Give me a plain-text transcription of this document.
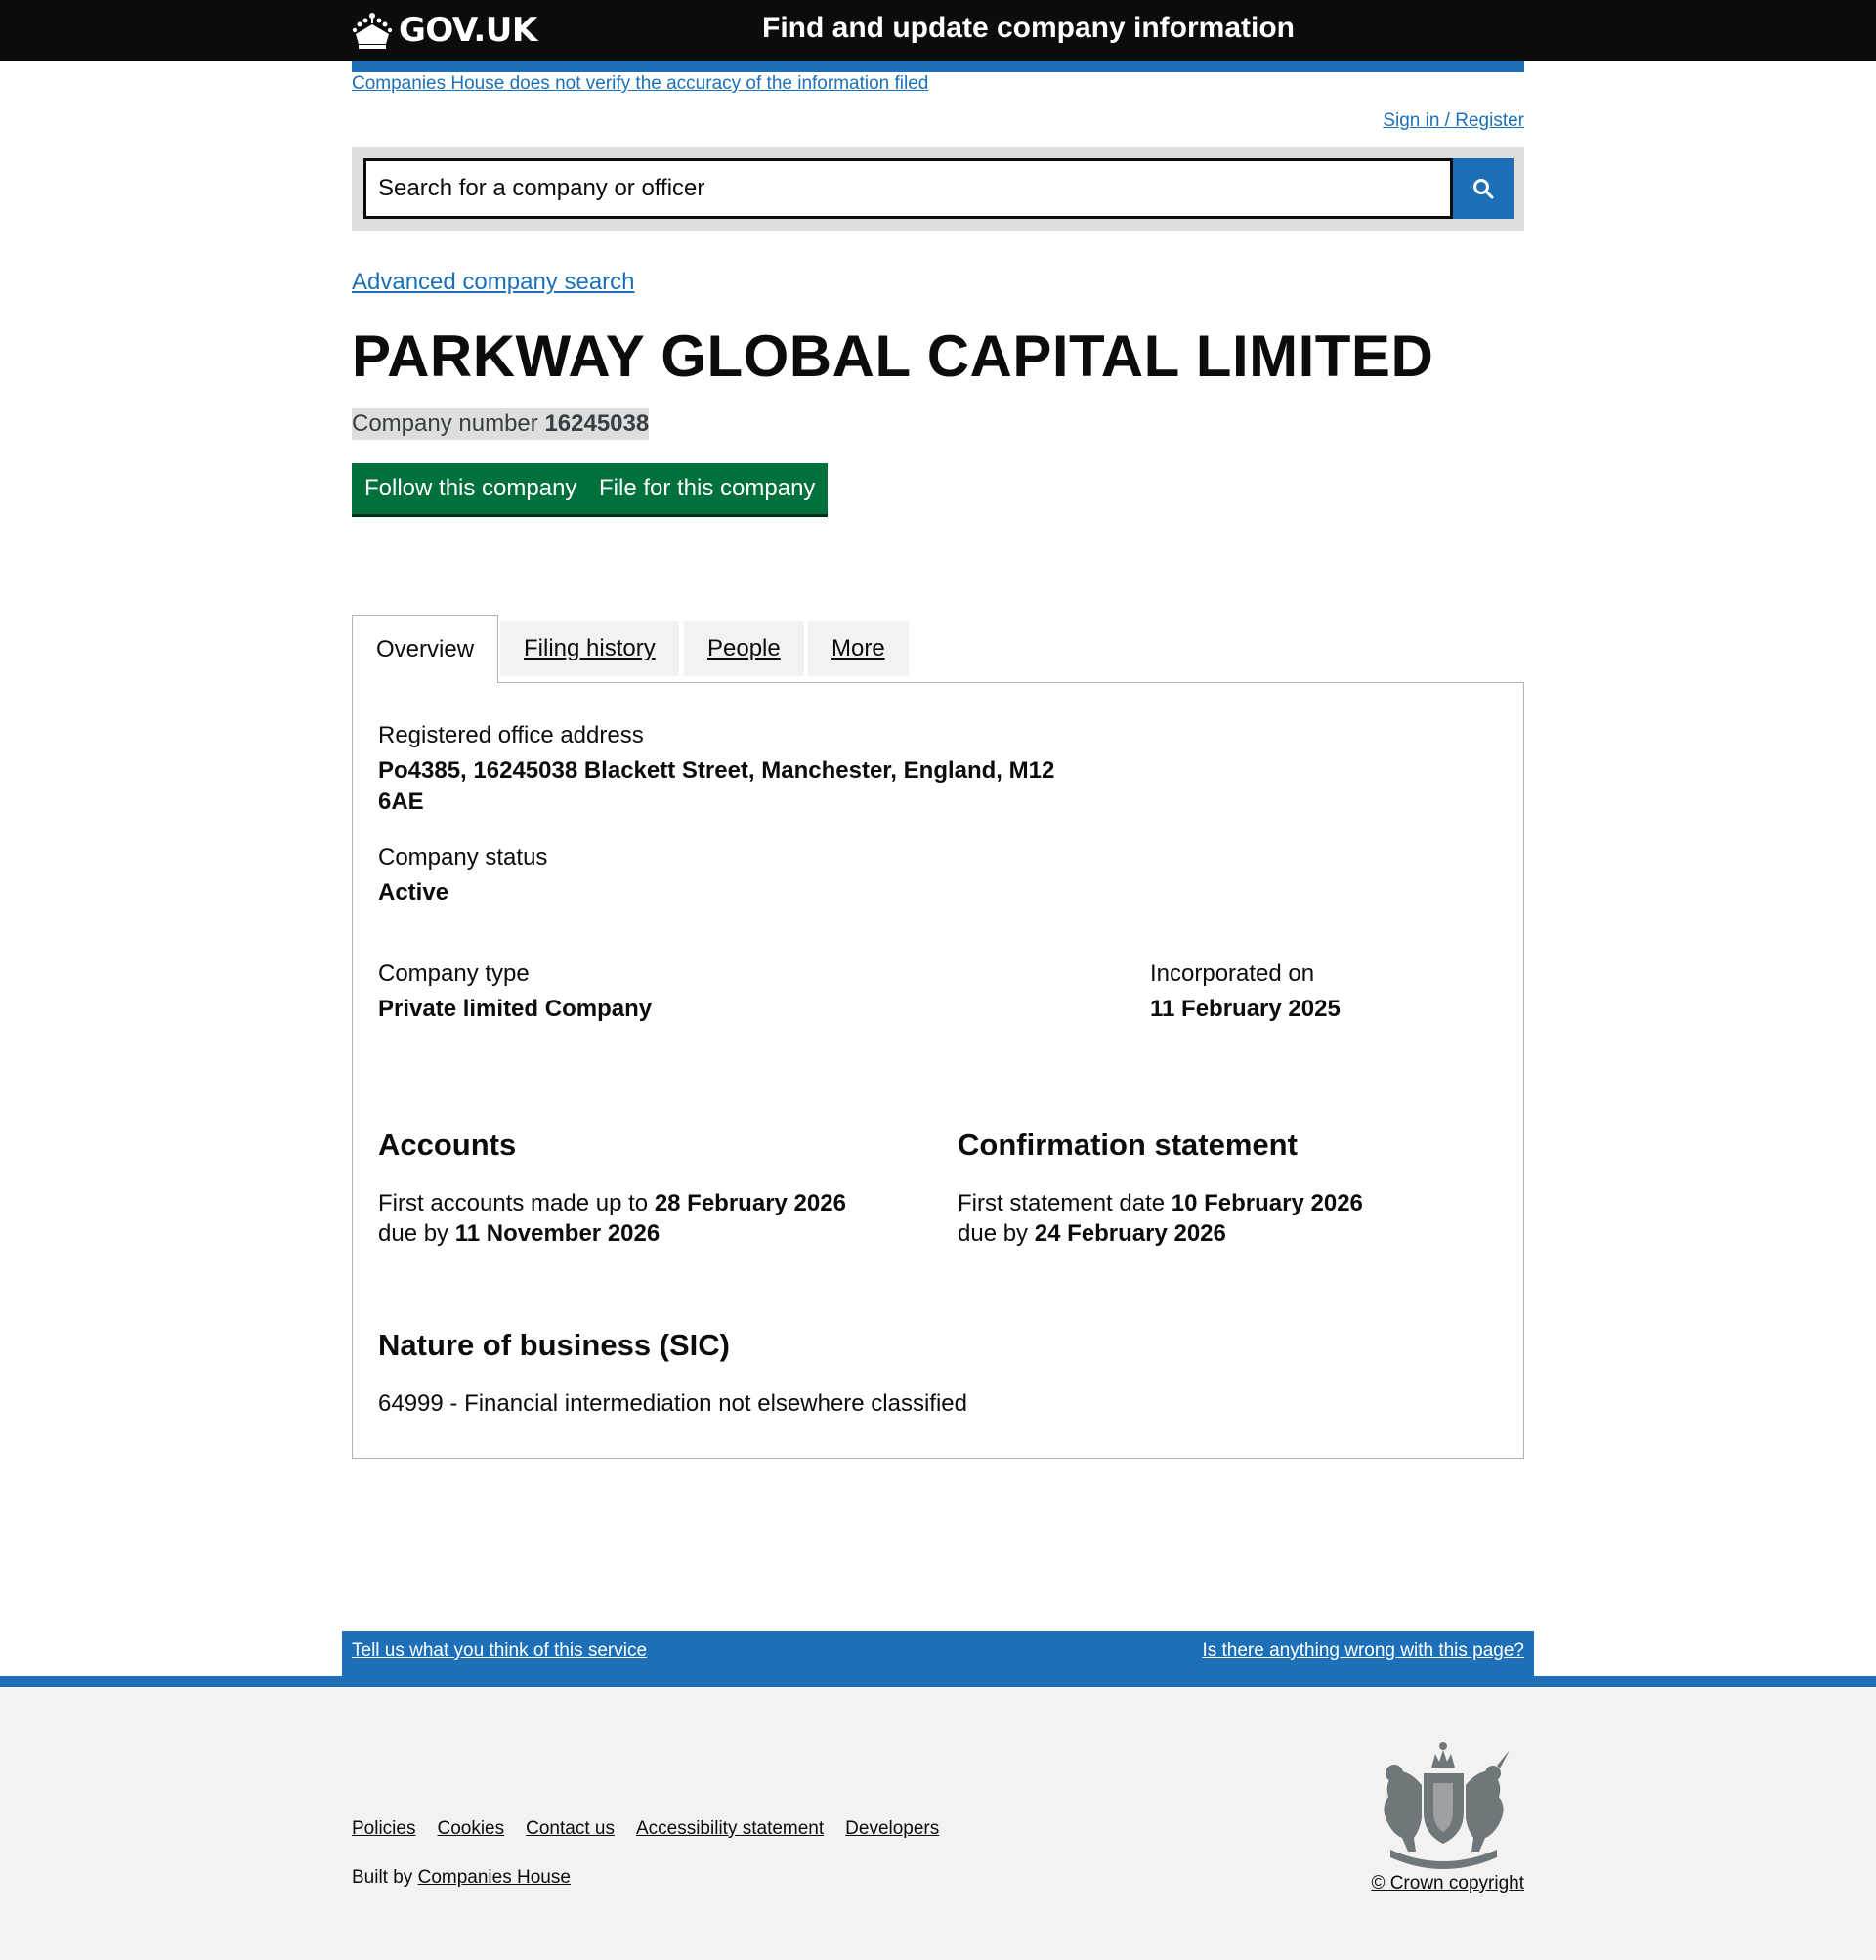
GOV.UK	Find and update company information
Companies House does not verify the accuracy of the information filed
Sign in / Register
Search for a company or officer
Advanced company search
PARKWAY GLOBAL CAPITAL LIMITED
Company number 16245038
Follow this company File for this company
Overview	Filing history	People	More
Registered office address
Po4385, 16245038 Blackett Street, Manchester, England, M12
6AE
Company status
Active
Company type
Private limited Company
Incorporated on
11 February 2025
Accounts
First accounts made up to 28 February 2026
due by 11 November 2026
Confirmation statement
First statement date 10 February 2026
due by 24 February 2026
Nature of business (SIC)
64999 - Financial intermediation not elsewhere classified
Tell us what you think of this service	Is there anything wrong with this page?
Policies Cookies Contact us Accessibility statement Developers
Built by Companies House	© Crown copyright
